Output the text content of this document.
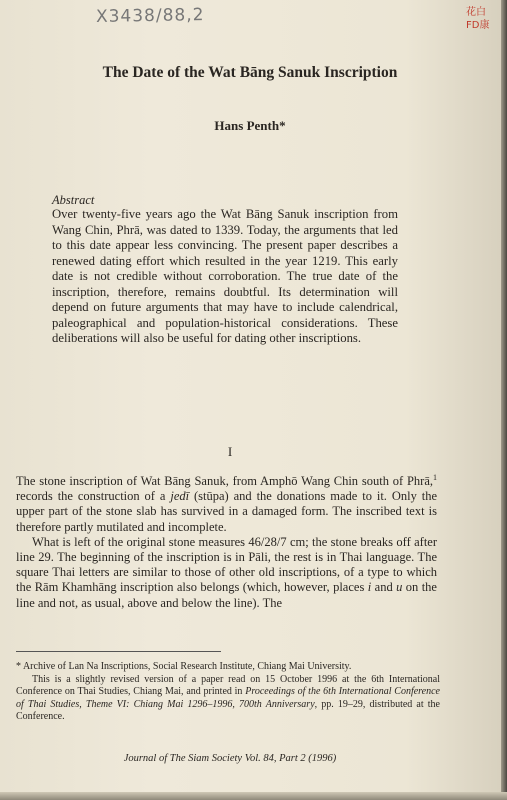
X3438/88,2	花白 FD康
The Date of the Wat Bāng Sanuk Inscription
Hans Penth*
Abstract
Over twenty-five years ago the Wat Bāng Sanuk inscription from Wang Chin, Phrā, was dated to 1339. Today, the arguments that led to this date appear less convincing. The present paper describes a renewed dating effort which resulted in the year 1219. This early date is not credible without corroboration. The true date of the inscription, therefore, remains doubtful. Its determination will depend on future arguments that may have to include calendrical, paleographical and population-historical considerations. These deliberations will also be useful for dating other inscriptions.
I

The stone inscription of Wat Bāng Sanuk, from Amphō Wang Chin south of Phrā,$^1$ records the construction of a jedī (stūpa) and the donations made to it. Only the upper part of the stone slab has survived in a damaged form. The inscribed text is therefore partly mutilated and incomplete.

What is left of the original stone measures 46/28/7 cm; the stone breaks off after line 29. The beginning of the inscription is in Pāli, the rest is in Thai language. The square Thai letters are similar to those of other old inscriptions, of a type to which the Rām Khamhāng inscription also belongs (which, however, places i and u on the line and not, as usual, above and below the line). The

* Archive of Lan Na Inscriptions, Social Research Institute, Chiang Mai University.

This is a slightly revised version of a paper read on 15 October 1996 at the 6th International Conference on Thai Studies, Chiang Mai, and printed in Proceedings of the 6th International Conference of Thai Studies, Theme VI: Chiang Mai 1296–1996, 700th Anniversary, pp. 19–29, distributed at the Conference.

Journal of The Siam Society Vol. 84, Part 2 (1996)
